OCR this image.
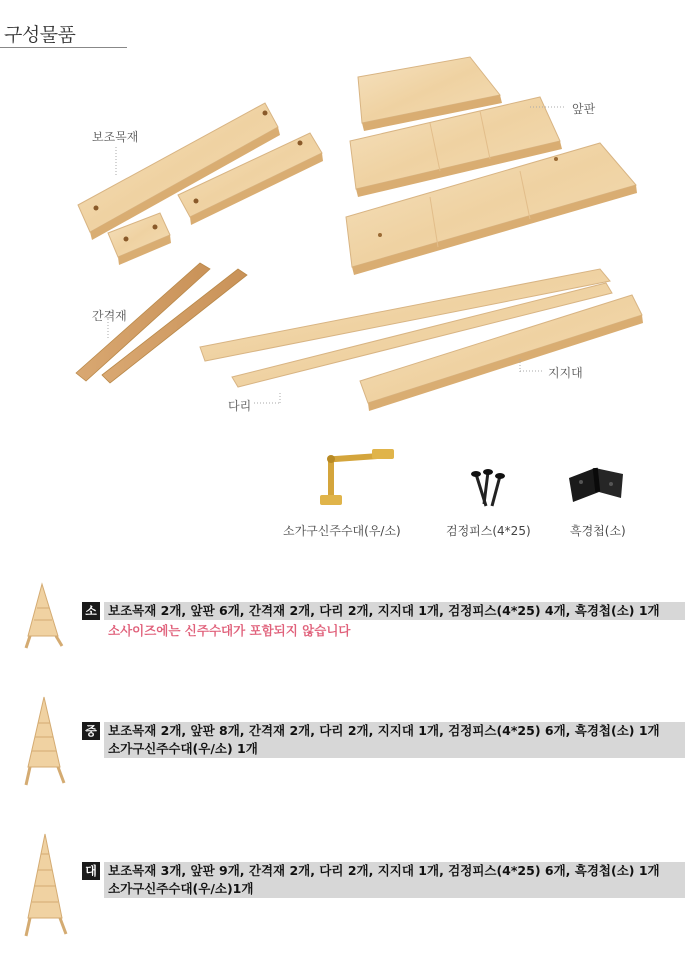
구성물품
보조목재
앞판
간격재
다리
지지대
소가구신주수대(우/소)	검정피스(4*25)	흑경첩(소)
소 보조목재 2개, 앞판 6개, 간격재 2개, 다리 2개, 지지대 1개, 검정피스(4*25) 4개, 흑경첩(소) 1개
소사이즈에는 신주수대가 포함되지 않습니다
중 보조목재 2개, 앞판 8개, 간격재 2개, 다리 2개, 지지대 1개, 검정피스(4*25) 6개, 흑경첩(소) 1개
소가구신주수대(우/소) 1개
대 보조목재 3개, 앞판 9개, 간격재 2개, 다리 2개, 지지대 1개, 검정피스(4*25) 6개, 흑경첩(소) 1개
소가구신주수대(우/소)1개
